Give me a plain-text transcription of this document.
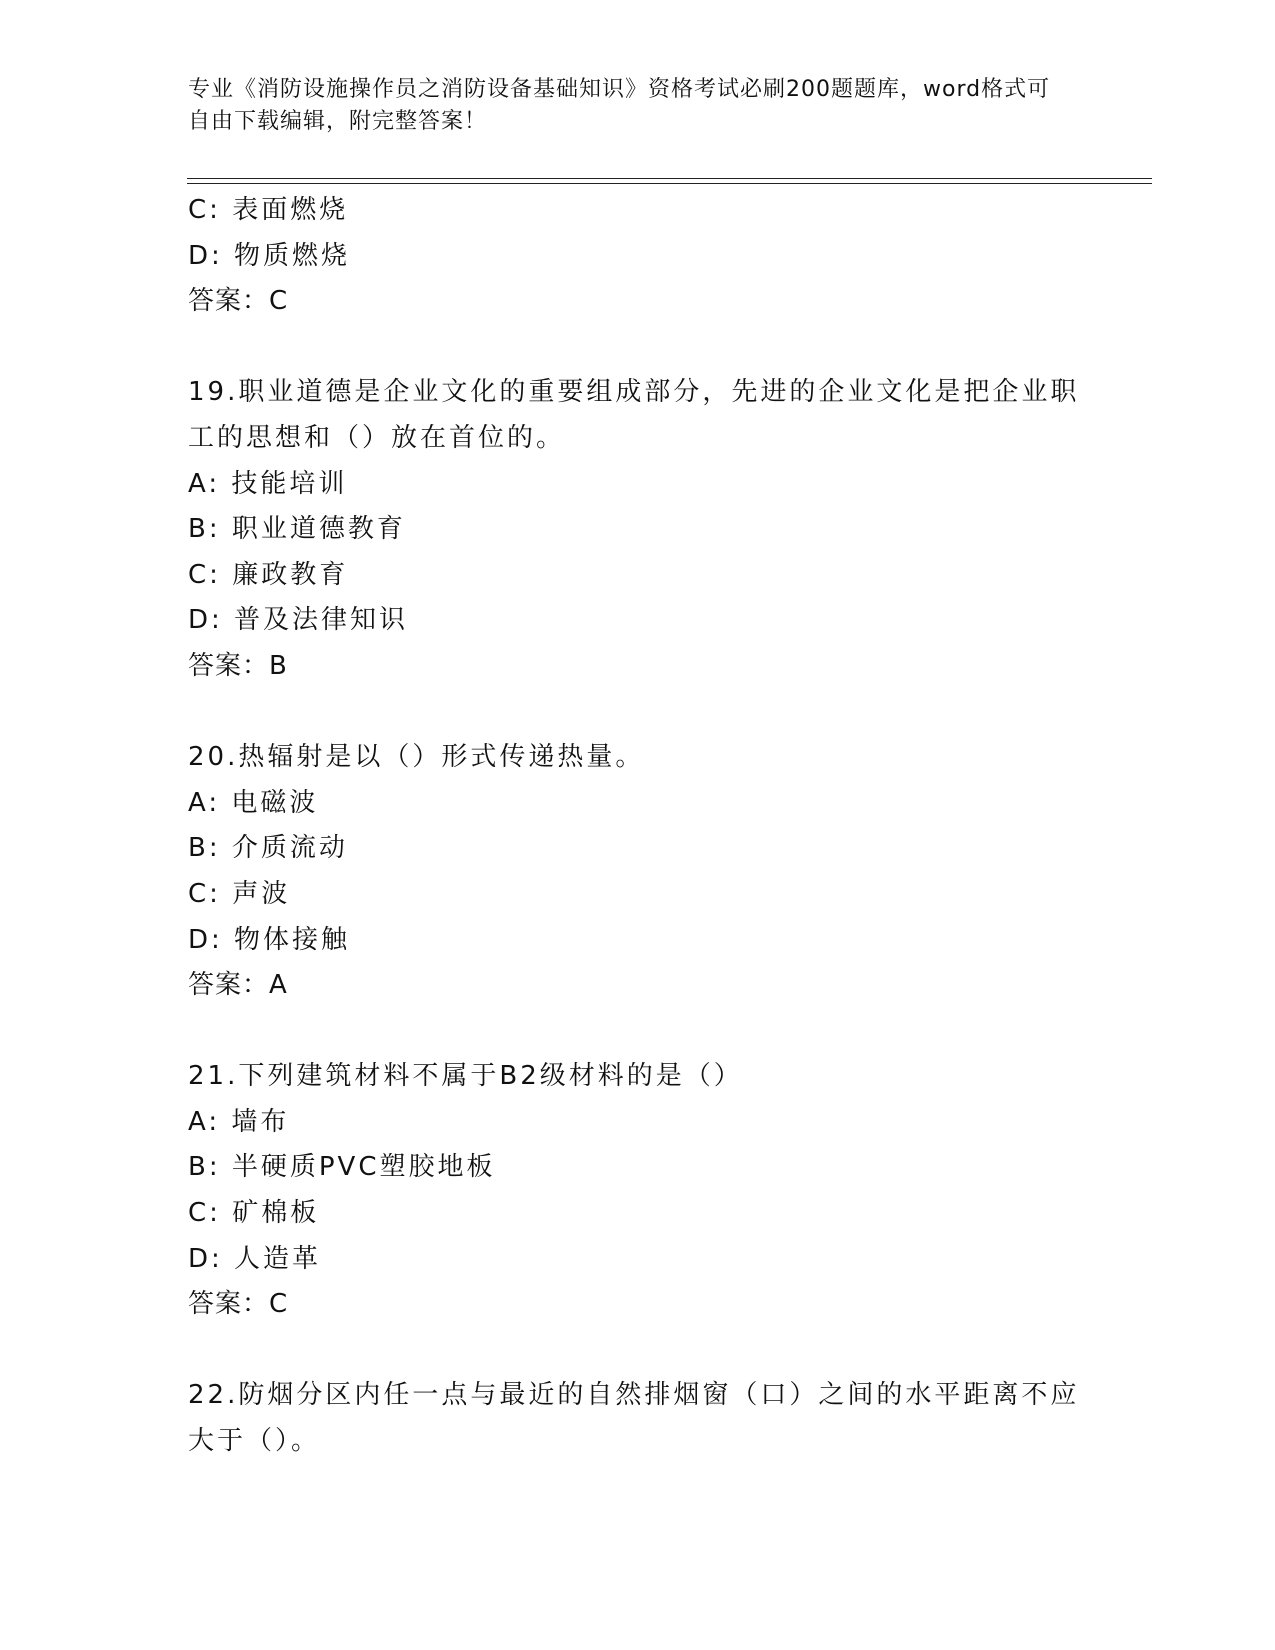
专业《消防设施操作员之消防设备基础知识》资格考试必刷200题题库，word格式可自由下载编辑，附完整答案！
C: 表面燃烧
D: 物质燃烧
答案：C
19.职业道德是企业文化的重要组成部分，先进的企业文化是把企业职工的思想和（）放在首位的。
A: 技能培训
B: 职业道德教育
C: 廉政教育
D: 普及法律知识
答案：B
20.热辐射是以（）形式传递热量。
A: 电磁波
B: 介质流动
C: 声波
D: 物体接触
答案：A
21.下列建筑材料不属于B2级材料的是（）
A: 墙布
B: 半硬质PVC塑胶地板
C: 矿棉板
D: 人造革
答案：C
22.防烟分区内任一点与最近的自然排烟窗（口）之间的水平距离不应大于（）。
